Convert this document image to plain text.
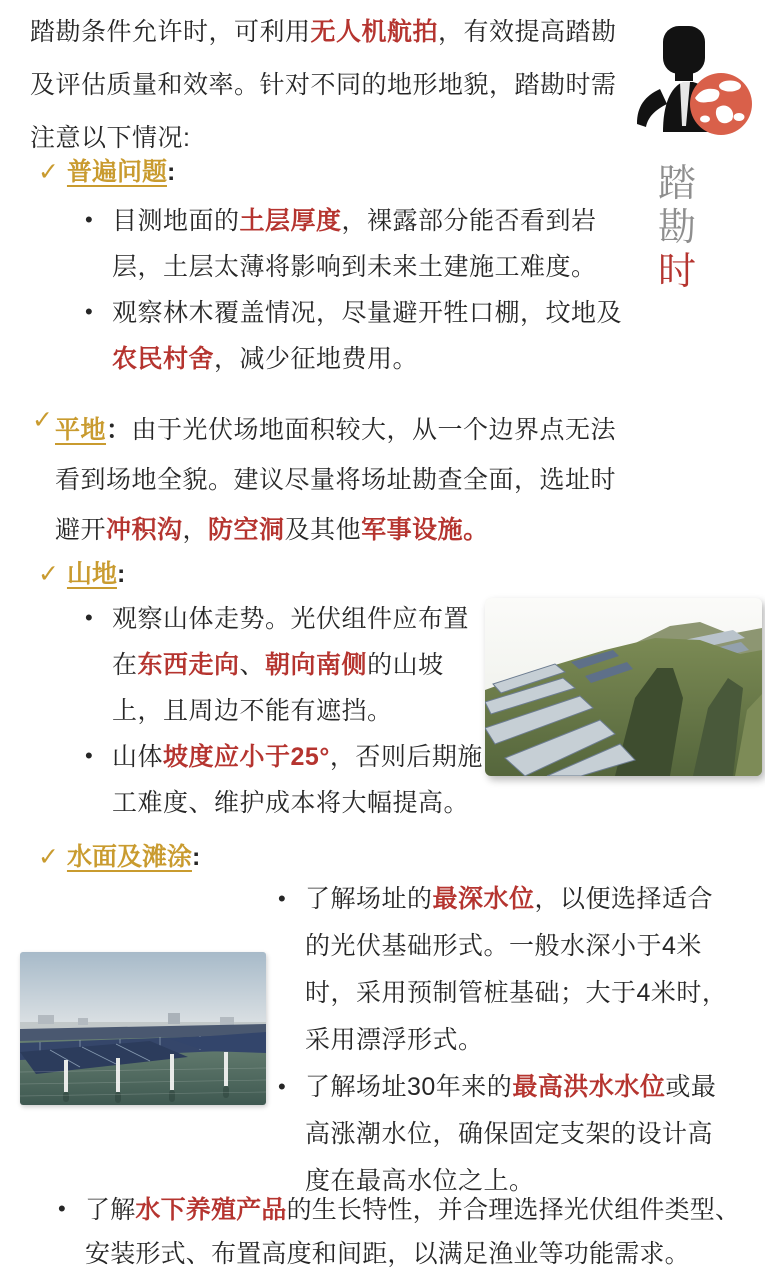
踏勘条件允许时，可利用无人机航拍，有效提高踏勘及评估质量和效率。针对不同的地形地貌，踏勘时需注意以下情况:

踏
勘
时
✓ 普遍问题:
• 目测地面的土层厚度，裸露部分能否看到岩层，土层太薄将影响到未来土建施工难度。
• 观察林木覆盖情况，尽量避开牲口棚，坟地及农民村舍，减少征地费用。
✓ 平地：由于光伏场地面积较大，从一个边界点无法看到场地全貌。建议尽量将场址勘查全面，选址时避开冲积沟，防空洞及其他军事设施。

✓ 山地:
• 观察山体走势。光伏组件应布置在东西走向、朝向南侧的山坡上，且周边不能有遮挡。
• 山体坡度应小于25°，否则后期施工难度、维护成本将大幅提高。
✓ 水面及滩涂:
• 了解场址的最深水位，以便选择适合的光伏基础形式。一般水深小于4米时，采用预制管桩基础；大于4米时，采用漂浮形式。
• 了解场址30年来的最高洪水水位或最高涨潮水位，确保固定支架的设计高度在最高水位之上。
• 了解水下养殖产品的生长特性，并合理选择光伏组件类型、安装形式、布置高度和间距，以满足渔业等功能需求。
